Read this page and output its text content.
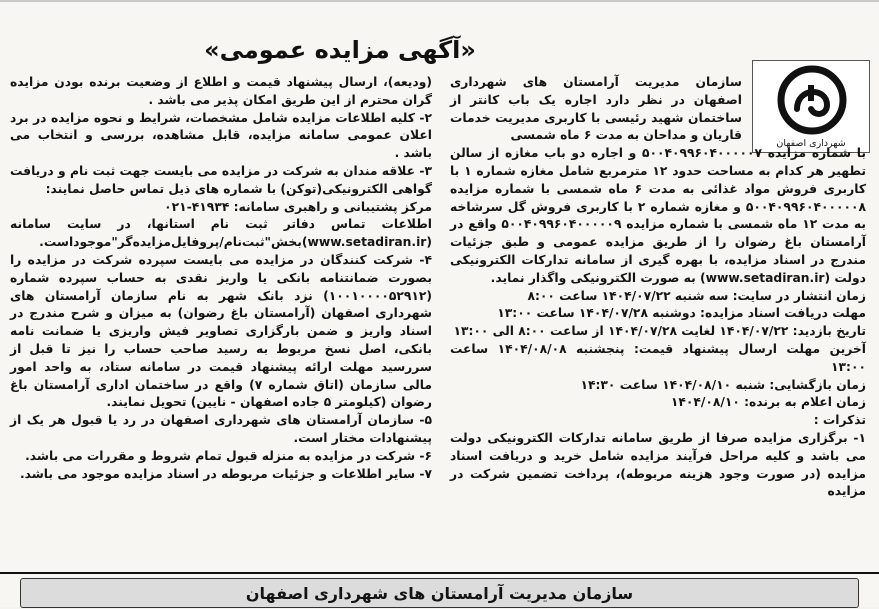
«آگهی مزایده عمومی»
شهرداری اصفهان

سازمان مدیریت آرامستان های شهرداری اصفهان در نظر دارد اجاره یک باب کانتر از ساختمان شهید رئیسی با کاربری مدیریت خدمات قاریان و مداحان به مدت ۶ ماه شمسی

با شماره مزایده ۵۰۰۴۰۹۹۶۰۴۰۰۰۰۰۷ و اجاره دو باب مغازه از سالن تطهیر هر کدام به مساحت حدود ۱۲ مترمربع شامل مغازه شماره ۱ با کاربری فروش مواد غذائی به مدت ۶ ماه شمسی با شماره مزایده ۵۰۰۴۰۹۹۶۰۴۰۰۰۰۰۸ و مغازه شماره ۲ با کاربری فروش گل سرشاخه به مدت ۱۲ ماه شمسی با شماره مزایده ۵۰۰۴۰۹۹۶۰۴۰۰۰۰۰۹ واقع در آرامستان باغ رضوان را از طریق مزایده عمومی و طبق جزئیات مندرج در اسناد مزایده، با بهره گیری از سامانه تدارکات الکترونیکی دولت (www.setadiran.ir) به صورت الکترونیکی واگذار نماید.

زمان انتشار در سایت: سه شنبه ۱۴۰۴/۰۷/۲۲ ساعت ۸:۰۰

مهلت دریافت اسناد مزایده: دوشنبه ۱۴۰۴/۰۷/۲۸ ساعت ۱۳:۰۰

تاریخ بازدید: ۱۴۰۴/۰۷/۲۲ لغایت ۱۴۰۴/۰۷/۲۸ از ساعت ۸:۰۰ الی ۱۳:۰۰

آخرین مهلت ارسال پیشنهاد قیمت: پنجشنبه ۱۴۰۴/۰۸/۰۸ ساعت ۱۳:۰۰

زمان بازگشایی: شنبه ۱۴۰۴/۰۸/۱۰ ساعت ۱۴:۳۰

زمان اعلام به برنده: ۱۴۰۴/۰۸/۱۰

تذکرات :

۱- برگزاری مزایده صرفا از طریق سامانه تدارکات الکترونیکی دولت می باشد و کلیه مراحل فرآیند مزایده شامل خرید و دریافت اسناد مزایده (در صورت وجود هزینه مربوطه)، پرداخت تضمین شرکت در مزایده

(ودیعه)، ارسال پیشنهاد قیمت و اطلاع از وضعیت برنده بودن مزایده گران محترم از این طریق امکان پذیر می باشد .

۲- کلیه اطلاعات مزایده شامل مشخصات، شرایط و نحوه مزایده در برد اعلان عمومی سامانه مزایده، قابل مشاهده، بررسی و انتخاب می باشد .

۳- علاقه مندان به شرکت در مزایده می بایست جهت ثبت نام و دریافت گواهی الکترونیکی(توکن) با شماره های ذیل تماس حاصل نمایند:

مرکز پشتیبانی و راهبری سامانه: ۴۱۹۳۴-۰۲۱

اطلاعات تماس دفاتر ثبت نام استانها، در سایت سامانه (www.setadiran.ir)بخش"ثبت‌نام/پروفایل‌مزایده‌گر"موجوداست.

۴- شرکت کنندگان در مزایده می بایست سپرده شرکت در مزایده را بصورت ضمانتنامه بانکی یا واریز نقدی به حساب سپرده شماره (۱۰۰۱۰۰۰۰۵۲۹۱۲) نزد بانک شهر به نام سازمان آرامستان های شهرداری اصفهان (آرامستان باغ رضوان) به میزان و شرح مندرج در اسناد واریز و ضمن بارگزاری تصاویر فیش واریزی یا ضمانت نامه بانکی، اصل نسخ مربوط به رسید صاحب حساب را نیز تا قبل از سررسید مهلت ارائه پیشنهاد قیمت در سامانه ستاد، به واحد امور مالی سازمان (اتاق شماره ۷) واقع در ساختمان اداری آرامستان باغ رضوان (کیلومتر ۵ جاده اصفهان - نایین) تحویل نمایند.

۵- سازمان آرامستان های شهرداری اصفهان در رد یا قبول هر یک از پیشنهادات مختار است.

۶- شرکت در مزایده به منزله قبول تمام شروط و مقررات می باشد.

۷- سایر اطلاعات و جزئیات مربوطه در اسناد مزایده موجود می باشد.

سازمان مدیریت آرامستان های شهرداری اصفهان
